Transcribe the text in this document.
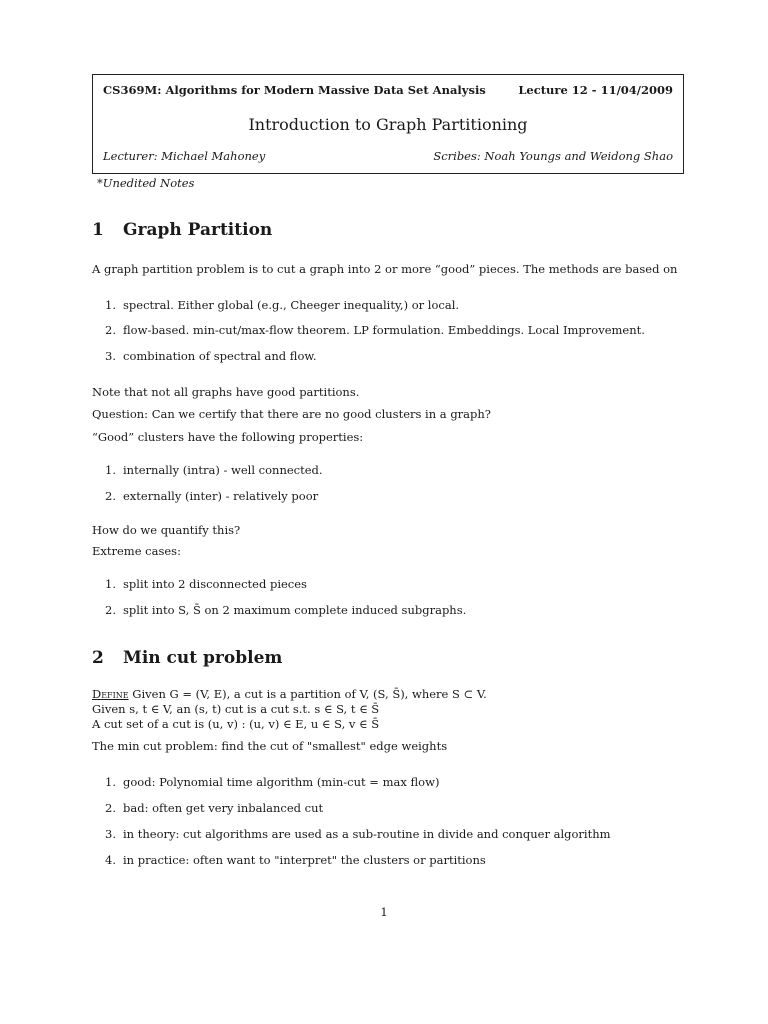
CS369M: Algorithms for Modern Massive Data Set Analysis	Lecture 12 - 11/04/2009
Introduction to Graph Partitioning
Lecturer: Michael Mahoney	Scribes: Noah Youngs and Weidong Shao
*Unedited Notes
1 Graph Partition
A graph partition problem is to cut a graph into 2 or more “good” pieces. The methods are based on
1. spectral. Either global (e.g., Cheeger inequality,) or local.
2. flow-based. min-cut/max-flow theorem. LP formulation. Embeddings. Local Improvement.
3. combination of spectral and flow.
Note that not all graphs have good partitions.
Question: Can we certify that there are no good clusters in a graph?
“Good” clusters have the following properties:
1. internally (intra) - well connected.
2. externally (inter) - relatively poor
How do we quantify this?
Extreme cases:
1. split into 2 disconnected pieces
2. split into S, S̄ on 2 maximum complete induced subgraphs.
2 Min cut problem
Define Given G = (V, E), a cut is a partition of V, (S, S̄), where S ⊂ V.
Given s, t ∈ V, an (s, t) cut is a cut s.t. s ∈ S, t ∈ S̄
A cut set of a cut is (u, v) : (u, v) ∈ E, u ∈ S, v ∈ S̄
The min cut problem: find the cut of "smallest" edge weights
1. good: Polynomial time algorithm (min-cut = max flow)
2. bad: often get very inbalanced cut
3. in theory: cut algorithms are used as a sub-routine in divide and conquer algorithm
4. in practice: often want to "interpret" the clusters or partitions
1
